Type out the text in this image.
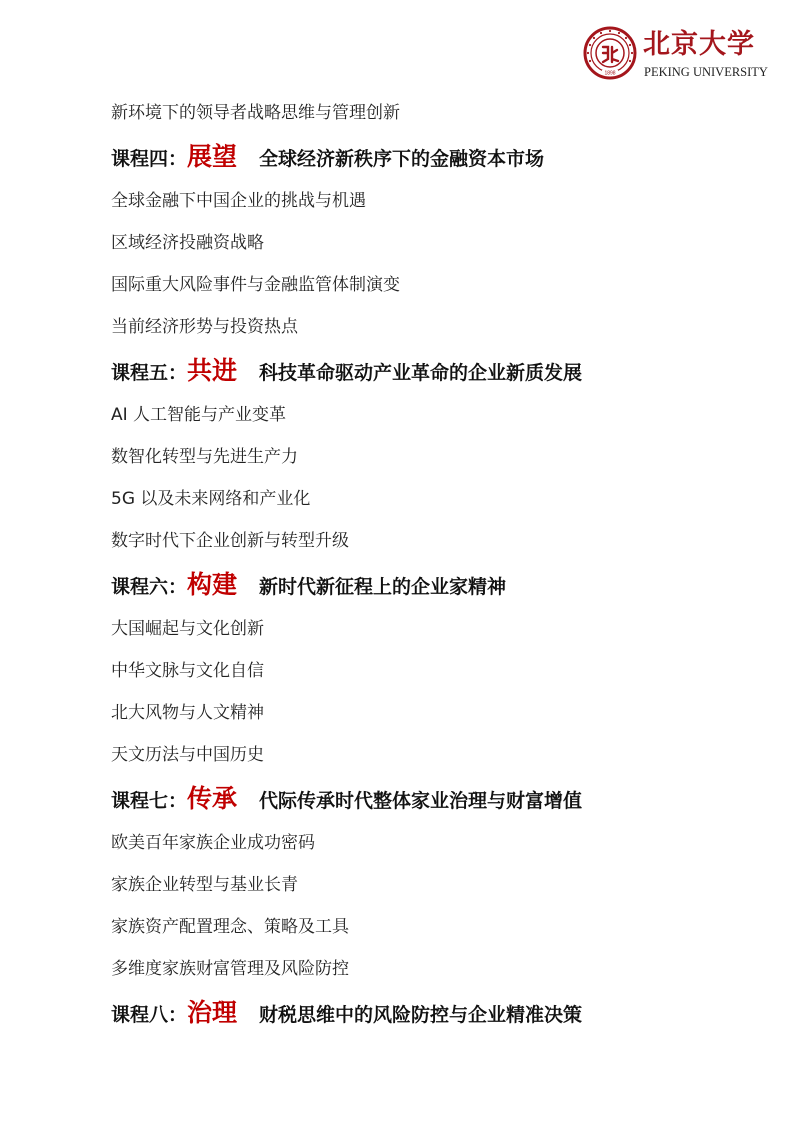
1898
北京大学
PEKING UNIVERSITY

新环境下的领导者战略思维与管理创新

课程四： 展望 全球经济新秩序下的金融资本市场

全球金融下中国企业的挑战与机遇

区域经济投融资战略

国际重大风险事件与金融监管体制演变

当前经济形势与投资热点

课程五： 共进 科技革命驱动产业革命的企业新质发展

AI 人工智能与产业变革

数智化转型与先进生产力

5G 以及未来网络和产业化

数字时代下企业创新与转型升级

课程六： 构建 新时代新征程上的企业家精神

大国崛起与文化创新

中华文脉与文化自信

北大风物与人文精神

天文历法与中国历史

课程七： 传承 代际传承时代整体家业治理与财富增值

欧美百年家族企业成功密码

家族企业转型与基业长青

家族资产配置理念、策略及工具

多维度家族财富管理及风险防控

课程八： 治理 财税思维中的风险防控与企业精准决策
